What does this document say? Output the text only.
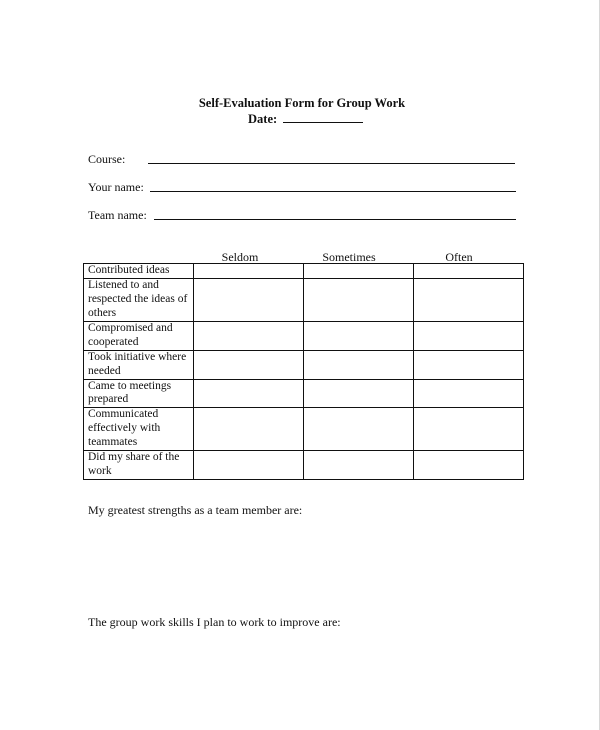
Self-Evaluation Form for Group Work
Date:
Course:
Your name:
Team name:
Seldom	Sometimes	Often
Contributed ideas			
Listened to and respected the ideas of others			
Compromised and cooperated			
Took initiative where needed			
Came to meetings prepared			
Communicated effectively with teammates			
Did my share of the work			
My greatest strengths as a team member are:
The group work skills I plan to work to improve are:
